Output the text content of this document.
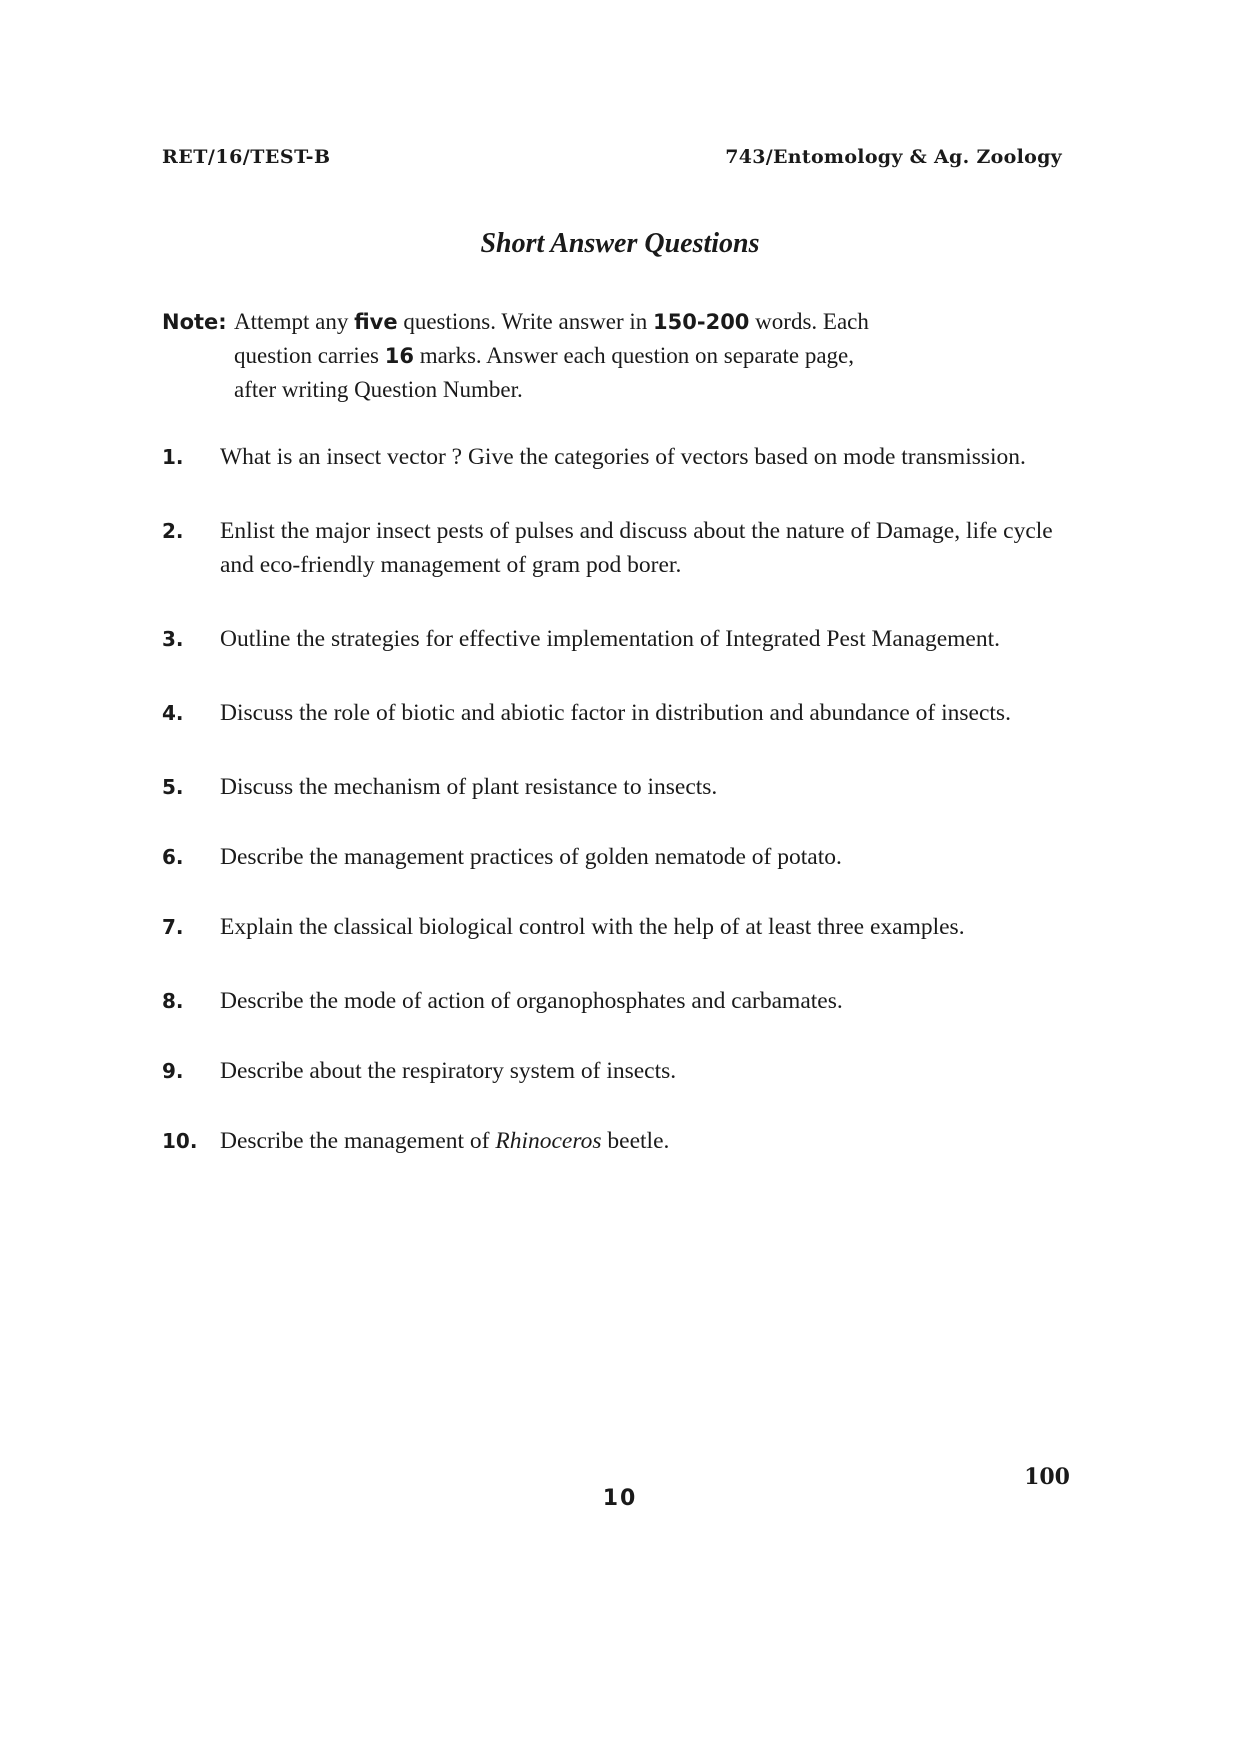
RET/16/TEST-B	743/Entomology & Ag. Zoology
Short Answer Questions
Note: Attempt any five questions. Write answer in 150-200 words. Each
question carries 16 marks. Answer each question on separate page,
after writing Question Number.
1. What is an insect vector ? Give the categories of vectors based on mode transmission.
2. Enlist the major insect pests of pulses and discuss about the nature of Damage, life cycle and eco-friendly management of gram pod borer.
3. Outline the strategies for effective implementation of Integrated Pest Management.
4. Discuss the role of biotic and abiotic factor in distribution and abundance of insects.
5. Discuss the mechanism of plant resistance to insects.
6. Describe the management practices of golden nematode of potato.
7. Explain the classical biological control with the help of at least three examples.
8. Describe the mode of action of organophosphates and carbamates.
9. Describe about the respiratory system of insects.
10. Describe the management of Rhinoceros beetle.
100
10
